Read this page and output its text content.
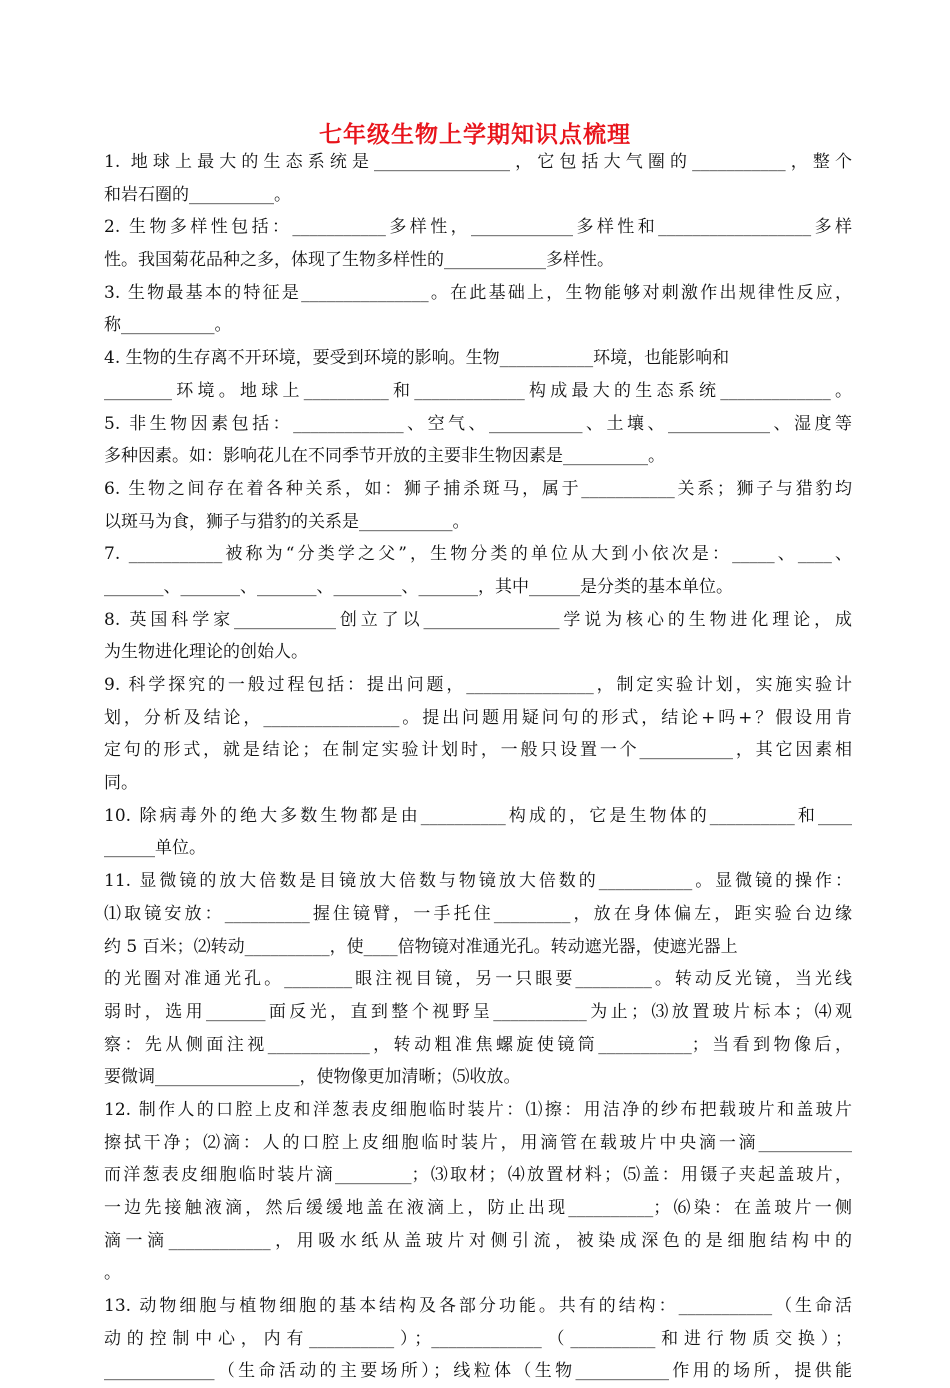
七年级生物上学期知识点梳理
1. 地球上最大的生态系统是________________，它包括大气圈的___________，整个
和岩石圈的__________。
2. 生物多样性包括：___________多样性，____________多样性和__________________多样
性。我国菊花品种之多，体现了生物多样性的____________多样性。
3. 生物最基本的特征是_______________。在此基础上，生物能够对刺激作出规律性反应，
称___________。
4. 生物的生存离不开环境，要受到环境的影响。生物___________环境，也能影响和
________环境。地球上__________和_____________构成最大的生态系统_____________。
5. 非生物因素包括：_____________、空气、___________、土壤、____________、湿度等
多种因素。如：影响花儿在不同季节开放的主要非生物因素是__________。
6. 生物之间存在着各种关系，如：狮子捕杀斑马，属于___________关系；狮子与猎豹均
以斑马为食，狮子与猎豹的关系是___________。
7. ___________被称为“分类学之父”，生物分类的单位从大到小依次是：_____、____、
_______、_______、_______、________、_______，其中______是分类的基本单位。
8. 英国科学家____________创立了以________________学说为核心的生物进化理论，成
为生物进化理论的创始人。
9. 科学探究的一般过程包括：提出问题，_______________，制定实验计划，实施实验计
划，分析及结论，________________。提出问题用疑问句的形式，结论+吗+？假设用肯
定句的形式，就是结论；在制定实验计划时，一般只设置一个___________，其它因素相
同。
10. 除病毒外的绝大多数生物都是由__________构成的，它是生物体的__________和____
______单位。
11. 显微镜的放大倍数是目镜放大倍数与物镜放大倍数的___________。显微镜的操作：
⑴取镜安放：__________握住镜臂，一手托住_________，放在身体偏左，距实验台边缘
约 5 百米；⑵转动__________，使____倍物镜对准通光孔。转动遮光器，使遮光器上
的光圈对准通光孔。________眼注视目镜，另一只眼要_________。转动反光镜，当光线
弱时，选用_______面反光，直到整个视野呈___________为止；⑶放置玻片标本；⑷观
察：先从侧面注视____________，转动粗准焦螺旋使镜筒___________；当看到物像后，
要微调_________________，使物像更加清晰；⑸收放。
12. 制作人的口腔上皮和洋葱表皮细胞临时装片：⑴擦：用洁净的纱布把载玻片和盖玻片
擦拭干净；⑵滴：人的口腔上皮细胞临时装片，用滴管在载玻片中央滴一滴___________
而洋葱表皮细胞临时装片滴_________；⑶取材；⑷放置材料；⑸盖：用镊子夹起盖玻片，
一边先接触液滴，然后缓缓地盖在液滴上，防止出现__________；⑹染：在盖玻片一侧
滴一滴____________，用吸水纸从盖玻片对侧引流，被染成深色的是细胞结构中的
。
13. 动物细胞与植物细胞的基本结构及各部分功能。共有的结构：___________（生命活
动的控制中心，内有__________）；_____________（__________和进行物质交换）；
_____________（生命活动的主要场所）；线粒体（生物___________作用的场所，提供能
